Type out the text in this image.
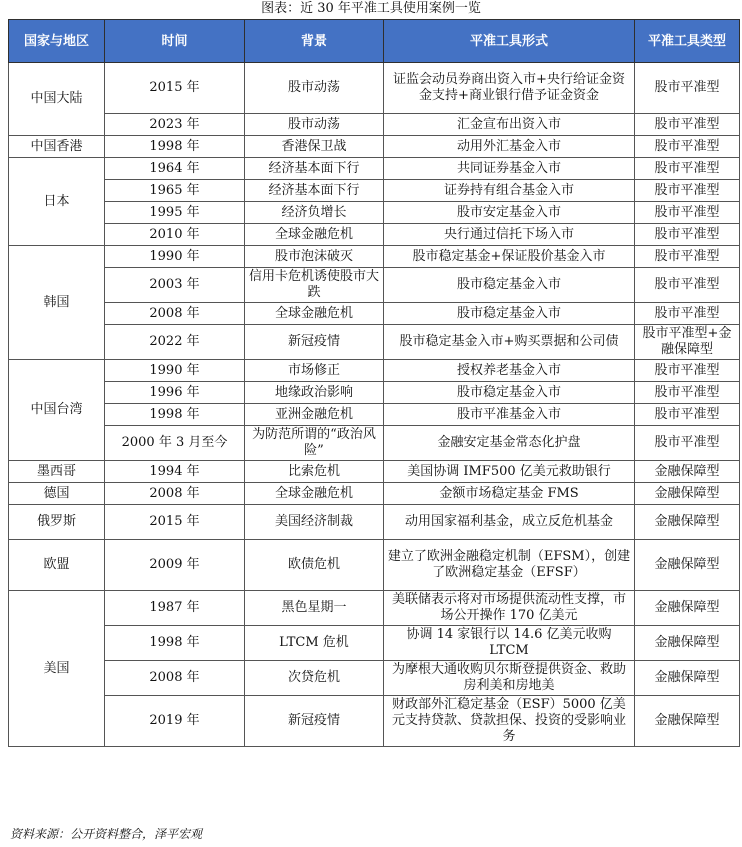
图表：近 30 年平准工具使用案例一览
国家与地区	时间	背景	平准工具形式	平准工具类型
中国大陆	2015 年	股市动荡	证监会动员券商出资入市+央行给证金资金支持+商业银行借予证金资金	股市平准型
	2023 年	股市动荡	汇金宣布出资入市	股市平准型
中国香港	1998 年	香港保卫战	动用外汇基金入市	股市平准型
日本	1964 年	经济基本面下行	共同证券基金入市	股市平准型
	1965 年	经济基本面下行	证券持有组合基金入市	股市平准型
	1995 年	经济负增长	股市安定基金入市	股市平准型
	2010 年	全球金融危机	央行通过信托下场入市	股市平准型
韩国	1990 年	股市泡沫破灭	股市稳定基金+保证股价基金入市	股市平准型
	2003 年	信用卡危机诱使股市大跌	股市稳定基金入市	股市平准型
	2008 年	全球金融危机	股市稳定基金入市	股市平准型
	2022 年	新冠疫情	股市稳定基金入市+购买票据和公司债	股市平准型+金融保障型
中国台湾	1990 年	市场修正	授权养老基金入市	股市平准型
	1996 年	地缘政治影响	股市稳定基金入市	股市平准型
	1998 年	亚洲金融危机	股市平准基金入市	股市平准型
	2000 年 3 月至今	为防范所谓的“政治风险”	金融安定基金常态化护盘	股市平准型
墨西哥	1994 年	比索危机	美国协调 IMF500 亿美元救助银行	金融保障型
德国	2008 年	全球金融危机	金额市场稳定基金 FMS	金融保障型
俄罗斯	2015 年	美国经济制裁	动用国家福利基金，成立反危机基金	金融保障型
欧盟	2009 年	欧债危机	建立了欧洲金融稳定机制（EFSM），创建了欧洲稳定基金（EFSF）	金融保障型
美国	1987 年	黑色星期一	美联储表示将对市场提供流动性支撑，市场公开操作 170 亿美元	金融保障型
	1998 年	LTCM 危机	协调 14 家银行以 14.6 亿美元收购 LTCM	金融保障型
	2008 年	次贷危机	为摩根大通收购贝尔斯登提供资金、救助房利美和房地美	金融保障型
	2019 年	新冠疫情	财政部外汇稳定基金（ESF）5000 亿美元支持贷款、贷款担保、投资的受影响业务	金融保障型
资料来源：公开资料整合，泽平宏观
